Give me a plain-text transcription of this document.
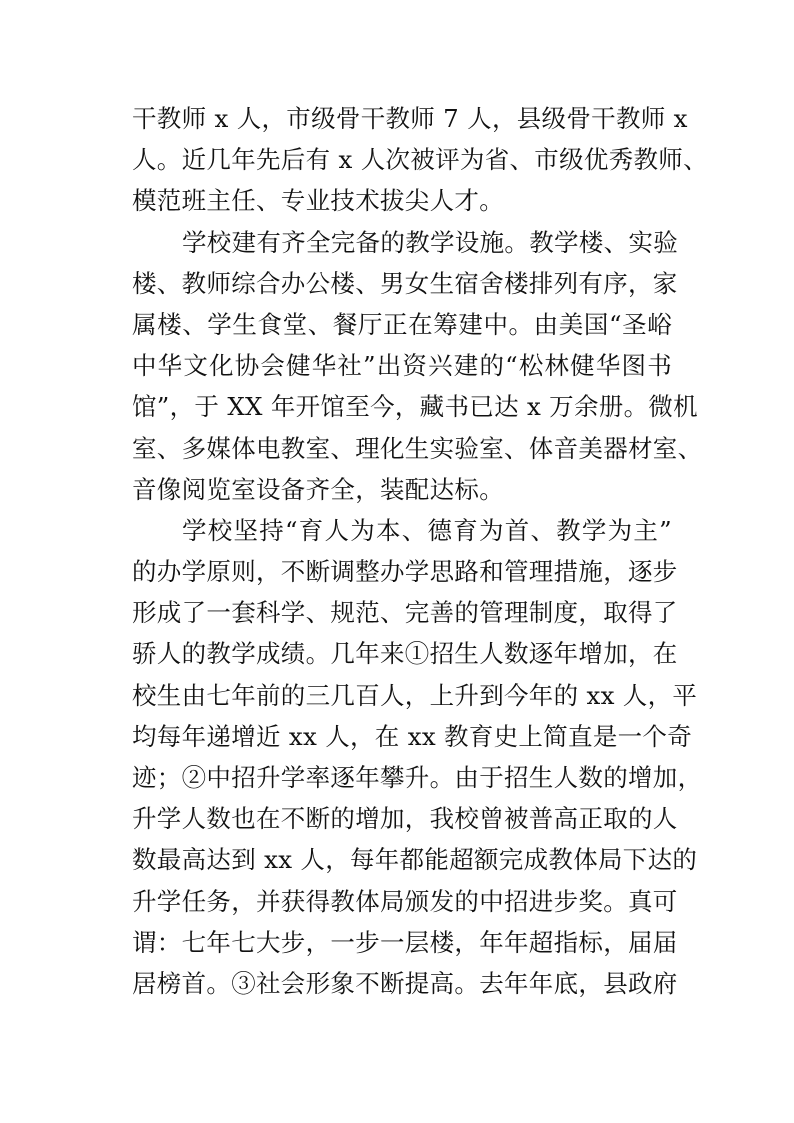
干教师 x 人，市级骨干教师 7 人，县级骨干教师 x
人。近几年先后有 x 人次被评为省、市级优秀教师、
模范班主任、专业技术拔尖人才。
学校建有齐全完备的教学设施。教学楼、实验
楼、教师综合办公楼、男女生宿舍楼排列有序，家
属楼、学生食堂、餐厅正在筹建中。由美国“圣峪
中华文化协会健华社”出资兴建的“松林健华图书
馆”，于 XX 年开馆至今，藏书已达 x 万余册。微机
室、多媒体电教室、理化生实验室、体音美器材室、
音像阅览室设备齐全，装配达标。
学校坚持“育人为本、德育为首、教学为主”
的办学原则，不断调整办学思路和管理措施，逐步
形成了一套科学、规范、完善的管理制度，取得了
骄人的教学成绩。几年来①招生人数逐年增加，在
校生由七年前的三几百人，上升到今年的 xx 人，平
均每年递增近 xx 人，在 xx 教育史上简直是一个奇
迹；②中招升学率逐年攀升。由于招生人数的增加，
升学人数也在不断的增加，我校曾被普高正取的人
数最高达到 xx 人，每年都能超额完成教体局下达的
升学任务，并获得教体局颁发的中招进步奖。真可
谓：七年七大步，一步一层楼，年年超指标，届届
居榜首。③社会形象不断提高。去年年底，县政府
